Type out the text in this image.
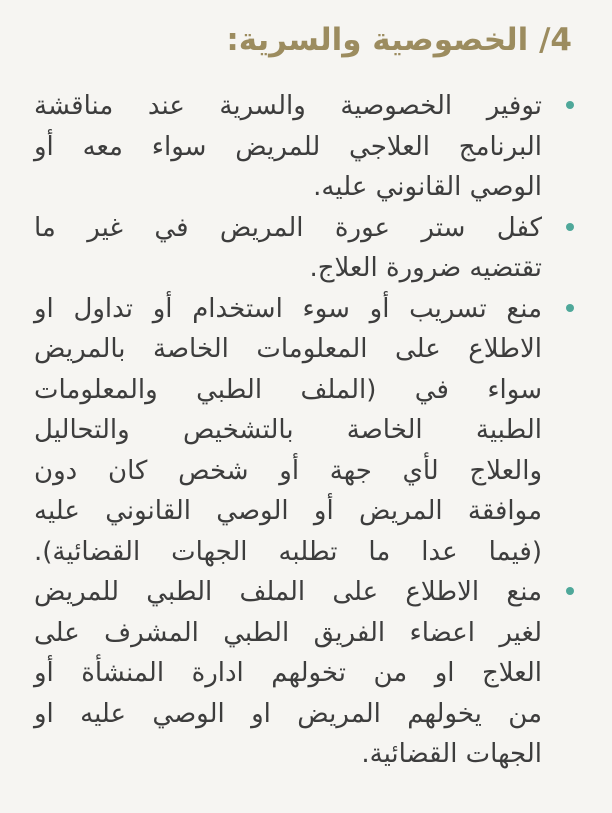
4/ الخصوصية والسرية:
توفير الخصوصية والسرية عند مناقشة
البرنامج العلاجي للمريض سواء معه أو
الوصي القانوني عليه.
كفل ستر عورة المريض في غير ما
تقتضيه ضرورة العلاج.
منع تسريب أو سوء استخدام أو تداول او
الاطلاع على المعلومات الخاصة بالمريض
سواء في (الملف الطبي والمعلومات
الطبية الخاصة بالتشخيص والتحاليل
والعلاج لأي جهة أو شخص كان دون
موافقة المريض أو الوصي القانوني عليه
(فيما عدا ما تطلبه الجهات القضائية).
منع الاطلاع على الملف الطبي للمريض
لغير اعضاء الفريق الطبي المشرف على
العلاج او من تخولهم ادارة المنشأة أو
من يخولهم المريض او الوصي عليه او
الجهات القضائية.
